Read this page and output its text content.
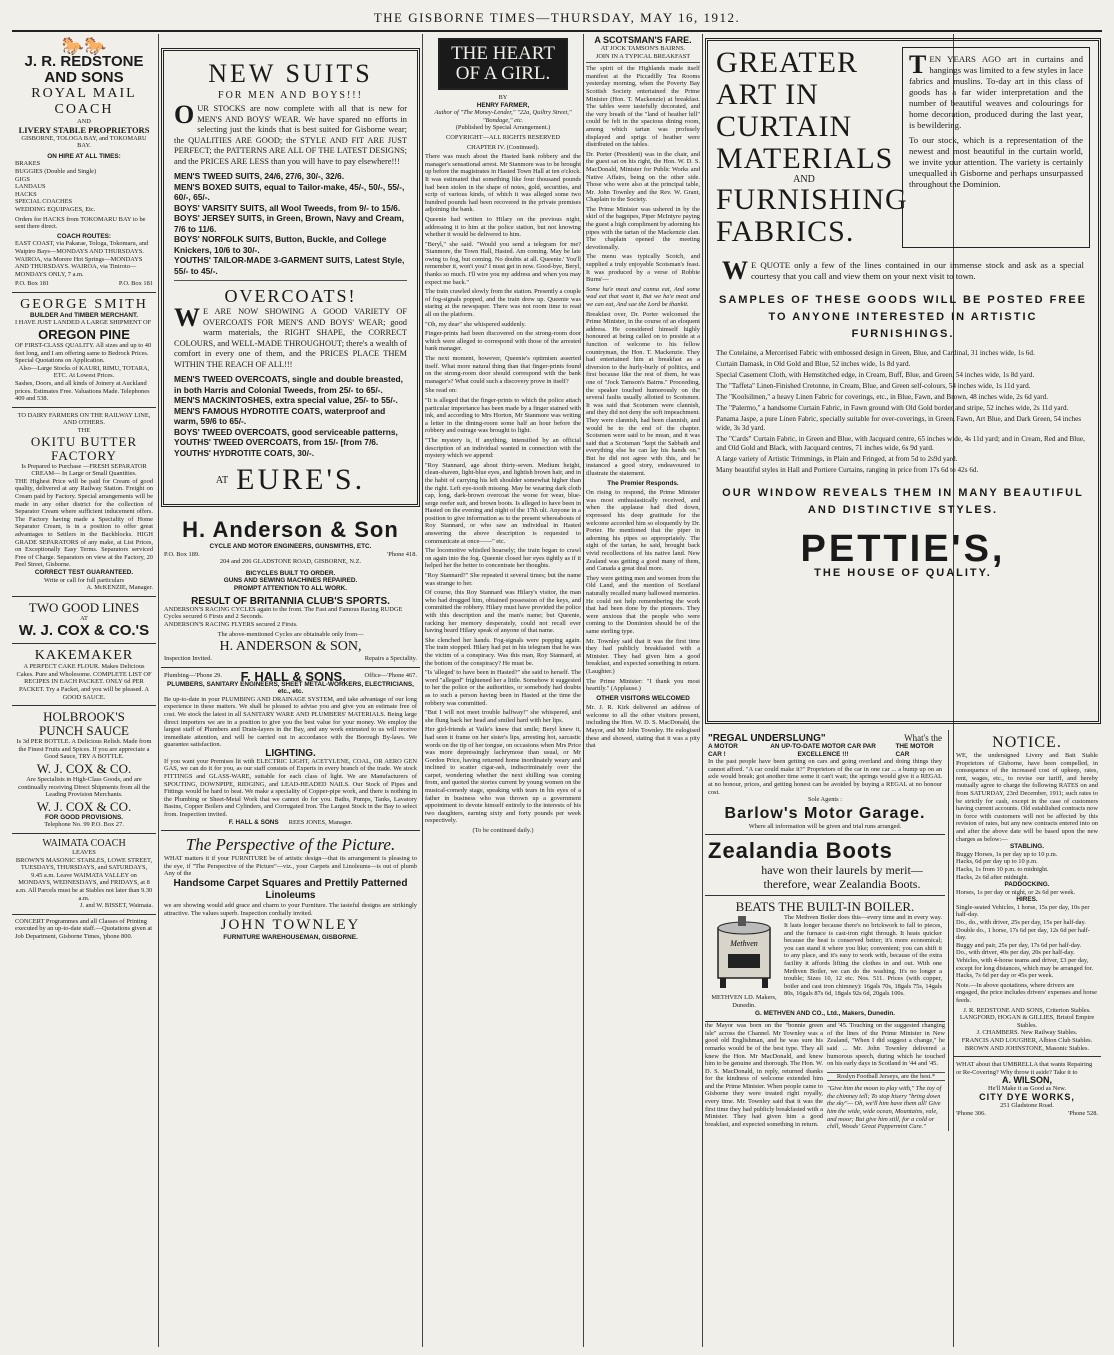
THE GISBORNE TIMES—THURSDAY, MAY 16, 1912.
🐎🐎
J. R. REDSTONE AND SONS
ROYAL MAIL COACH
AND
LIVERY STABLE PROPRIETORS
GISBORNE, TOLOGA BAY, and TOKOMARU BAY.
ON HIRE AT ALL TIMES:
BRAKES
BUGGIES (Double and Single)
GIGS
LANDAUS
HACKS
SPECIAL COACHES
WEDDING EQUIPAGES, Etc.
Orders for HACKS from TOKOMARU BAY to be sent there direct.
COACH ROUTES:
EAST COAST, via Pakarae, Tologa, Tokomaru, and Waipiro Bays—MONDAYS AND THURSDAYS. WAIROA, via Morere Hot Springs—MONDAYS AND THURSDAYS. WAIROA, via Tiniroto—MONDAYS ONLY, 7 a.m.
P.O. Box 181	P.O. Box 181
GEORGE SMITH
BUILDER And TIMBER MERCHANT.
I HAVE JUST LANDED A LARGE SHIPMENT OF
OREGON PINE
OF FIRST-CLASS QUALITY. All sizes and up to 40 feet long, and I am offering same to Bedrock Prices. Special Quotations on Application.
Also—Large Stocks of KAURI, RIMU, TOTARA, ETC. At Lowest Prices.
Sashes, Doors, and all kinds of Joinery at Auckland prices. Estimates Free. Valuations Made. Telephones 409 and 538.
TO DAIRY FARMERS ON THE RAILWAY LINE, AND OTHERS.
THE
OKITU BUTTER FACTORY
Is Prepared to Purchase —FRESH SEPARATOR CREAM— In Large or Small Quantities.
THE Highest Price will be paid for Cream of good quality, delivered at any Railway Station. Freight on Cream paid by Factory. Special arrangements will be made in any other district for the collection of Separator Cream where sufficient inducement offers. The Factory having made a Speciality of Home Separator Cream, is in a position to offer great advantages to Settlers in the Backblocks. HIGH GRADE SEPARATORS of any make, at List Prices, on Exceptionally Easy Terms. Separators serviced Free of Charge. Separators on view at the Factory, 20 Peel Street, Gisborne.
CORRECT TEST GUARANTEED.
Write or call for full particulars
A. McKENZIE, Manager.
TWO GOOD LINES
AT
W. J. COX & CO.'S
KAKEMAKER
A PERFECT CAKE FLOUR. Makes Delicious Cakes. Pure and Wholesome. COMPLETE LIST OF RECIPES IN EACH PACKET. ONLY 6d PER PACKET. Try a Packet, and you will be pleased. A GOOD SAUCE.
HOLBROOK'S
PUNCH SAUCE
Is 3d PER BOTTLE. A Delicious Relish. Made from the Finest Fruits and Spices. If you are appreciate a Good Sauce, TRY A BOTTLE.
W. J. COX & CO.
Are Specialists in High-Class Goods, and are continually receiving Direct Shipments from all the Leading Provision Merchants.
W. J. COX & CO.
FOR GOOD PROVISIONS.
Telephone No. 99 P.O. Box 27.
WAIMATA COACH
LEAVES
BROWN'S MASONIC STABLES, LOWE STREET, TUESDAYS, THURSDAYS, and SATURDAYS, 9.45 a.m. Leave WAIMATA VALLEY on MONDAYS, WEDNESDAYS, and FRIDAYS, at 8 a.m. All Parcels must be at Stables not later than 9.30 a.m.
J. and W. BISSET, Waimata.
CONCERT Programmes and all Classes of Printing executed by an up-to-date staff.—Quotations given at Job Department, Gisborne Times, 'phone 800.
NEW SUITS
FOR MEN AND BOYS!!!
OUR STOCKS are now complete with all that is new for MEN'S AND BOYS' WEAR. We have spared no efforts in selecting just the kinds that is best suited for Gisborne wear; the QUALITIES ARE GOOD; the STYLE AND FIT ARE JUST PERFECT; the PATTERNS ARE ALL OF THE LATEST DESIGNS; and the PRICES ARE LESS than you will have to pay elsewhere!!!
MEN'S TWEED SUITS, 24/6, 27/6, 30/-, 32/6.
MEN'S BOXED SUITS, equal to Tailor-make, 45/-, 50/-, 55/-, 60/-, 65/-.
BOYS' VARSITY SUITS, all Wool Tweeds, from 9/- to 15/6.
BOYS' JERSEY SUITS, in Green, Brown, Navy and Cream, 7/6 to 11/6.
BOYS' NORFOLK SUITS, Button, Buckle, and College Knickers, 10/6 to 30/-.
YOUTHS' TAILOR-MADE 3-GARMENT SUITS, Latest Style, 55/- to 45/-.
OVERCOATS!
WE ARE NOW SHOWING A GOOD VARIETY OF OVERCOATS FOR MEN'S AND BOYS' WEAR; good warm materials, the RIGHT SHAPE, the CORRECT COLOURS, and WELL-MADE THROUGHOUT; there's a wealth of comfort in every one of them, and the PRICES PLACE THEM WITHIN THE REACH OF ALL!!!
MEN'S TWEED OVERCOATS, single and double breasted, in both Harris and Colonial Tweeds, from 25/- to 65/-.
MEN'S MACKINTOSHES, extra special value, 25/- to 55/-.
MEN'S FAMOUS HYDROTITE COATS, waterproof and warm, 59/6 to 65/-.
BOYS' TWEED OVERCOATS, good serviceable patterns,
YOUTHS' TWEED OVERCOATS, from 15/- [from 7/6.
YOUTHS' HYDROTITE COATS, 30/-.
AT EURE'S.
H. Anderson & Son
CYCLE AND MOTOR ENGINEERS, GUNSMITHS, ETC.
P.O. Box 189.	'Phone 418.
204 and 206 GLADSTONE ROAD, GISBORNE, N.Z.
BICYCLES BUILT TO ORDER.
GUNS AND SEWING MACHINES REPAIRED.
PROMPT ATTENTION TO ALL WORK.
RESULT OF BRITANNIA CLUB'S SPORTS.
ANDERSON'S RACING CYCLES again to the front. The Fast and Famous Racing RUDGE Cycles secured 6 Firsts and 2 Seconds.
ANDERSON'S RACING FLYERS secured 2 Firsts.
The above-mentioned Cycles are obtainable only from—
H. ANDERSON & SON,
Inspection Invited.	Repairs a Speciality.
Plumbing—'Phone 29. F. HALL & SONS,	Office—'Phone 467.
PLUMBERS, SANITARY ENGINEERS, SHEET METAL-WORKERS, ELECTRICIANS, etc., etc.
Be up-to-date in your PLUMBING AND DRAINAGE SYSTEM, and take advantage of our long experience in these matters. We shall be pleased to advise you and give you an estimate free of cost. We stock the latest in all SANITARY WARE AND PLUMBERS' MATERIALS. Being large direct importers we are in a position to give you the best value for your money. We employ the largest staff of Plumbers and Drain-layers in the Bay, and any work entrusted to us will receive immediate attention, and will be carried out in accordance with the Borough By-laws. We guarantee satisfaction.
LIGHTING.
If you want your Premises lit with ELECTRIC LIGHT, ACETYLENE, COAL, OR AERO GEN GAS, we can do it for you, as our staff consists of Experts in every branch of the trade. We stock FITTINGS and GLASS-WARE, suitable for each class of light. We are Manufacturers of SPOUTING, DOWNPIPE, RIDGING, and LEAD-HEADED NAILS. Our Stock of Pipes and Fittings would be hard to beat. We make a speciality of Copper-pipe work, and there is nothing in the Plumbing or Sheet-Metal Work that we cannot do for you. Baths, Pumps, Tanks, Lavatory Basins, Copper Boilers and Cylinders, and Corrugated Iron. The Largest Stock in the Bay to select from. Inspection invited.
F. HALL & SONS REES JONES, Manager.
The Perspective of the Picture.
WHAT matters it if your FURNITURE be of artistic design—that its arrangement is pleasing to the eye, if "The Perspective of the Picture"—viz., your Carpets and Linoleums—is out of plumb Any of the
Handsome Carpet Squares and Prettily Patterned Linoleums
we are showing would add grace and charm to your Furniture. The tasteful designs are strikingly attractive. The values superb. Inspection cordially invited.
JOHN TOWNLEY
FURNITURE WAREHOUSEMAN, GISBORNE.
THE HEART OF A GIRL.
BY
HENRY FARMER,
Author of "The Money-Lender," "22a, Quiltry Street," "Bondage," etc.
(Published by Special Arrangement.)
COPYRIGHT—ALL RIGHTS RESERVED
CHAPTER IV. (Continued).

There was much about the Hasted bank robbery and the manager's sensational arrest. Mr Stanmore was to be brought up before the magistrates in Hasted Town Hall at ten o'clock. It was estimated that something like four thousand pounds had been stolen in the shape of notes, gold, securities, and scrip of various kinds, of which it was alleged some two hundred pounds had been recovered in the private premises adjoining the bank.

Queenie had written to Hilary on the previous night, addressing it to him at the police station, but not knowing whether it would be delivered to him.

"Beryl," she said. "Would you send a telegram for me? 'Stanmore, the Town Hall, Hasted. Am coming. May be late owing to fog, but coming. No doubts at all. Queenie.' You'll remember it, won't you? I must get in now. Good-bye, Beryl, thanks so much. I'll wire you my address and when you may expect me back."

The train crawled slowly from the station. Presently a couple of fog-signals popped, and the train drew up. Queenie was staring at the newspaper. There was not room time to read all on the platform.

"Oh, my dear" she whispered suddenly.

Finger-prints had been discovered on the strong-room door which were alleged to correspond with those of the arrested bank manager.

The next moment, however, Queenie's optimism asserted itself. What more natural thing than that finger-prints found on the strong-room door should correspond with the bank manager's? What could such a discovery prove in itself?

She read on:

"It is alleged that the finger-prints to which the police attach particular importance has been made by a finger stained with ink, and according to Mrs Horton, Mr Stanmore was writing a letter in the dining-room some half an hour before the robbery and outrage was brought to light.

"The mystery is, if anything, intensified by an official description of an individual wanted in connection with the mystery which we append:

"Roy Stannard, age about thirty-seven. Medium height, clean-shaven, light-blue eyes, and lightish brown hair, and in the habit of carrying his left shoulder somewhat higher than the right. Left eye-tooth missing. May be wearing dark cloth cap, long, dark-brown overcoat the worse for wear, blue-serge reefer suit, and brown boots. Is alleged to have been in Hasted on the evening and night of the 17th ult. Anyone in a position to give information as to the present whereabouts of Roy Stannard, or who saw an individual in Hasted answering the above description is requested to communicate at once——" etc.

The locomotive whistled hoarsely; the train began to crawl on again into the fog. Queenie closed her eyes tightly as if it helped her the better to concentrate her thoughts.

"Roy Stannard?" She repeated it several times; but the name was strange to her.

Of course, this Roy Stannard was Hilary's visitor, the man who had drugged him, obtained possession of the keys, and committed the robbery. Hilary must have provided the police with this description and the man's name; but Queenie, racking her memory desperately, could not recall ever having heard Hilary speak of anyone of that name.

She clenched her hands. Fog-signals were popping again. The train stopped. Hilary had put in his telegram that he was the victim of a conspiracy. Was this man, Roy Stannard, at the bottom of the conspiracy? He must be.

"Is 'alleged' to have been in Hasted?" she said to herself. The word "alleged" frightened her a little. Somehow it suggested to her the police or the authorities, or somebody had doubts as to such a person having been in Hasted at the time the robbery was committed.

"But I will not meet trouble halfway!" she whispered, and she flung back her head and smiled hard with her lips.

Her girl-friends at Vaile's knew that smile; Beryl knew it, had seen it frame on her sister's lips, arresting hot, sarcastic words on the tip of her tongue, on occasions when Mrs Price was more depressingly lachrymose than usual, or Mr Gordon Price, having returned home inordinately weary and inclined to scatter cigar-ash, indiscriminately over the carpet, wondering whether the next shilling was coming from, and quoted the stories current by young women on the musical-comedy stage, speaking with tears in his eyes of a father in business who was thrown up a government appointment to devote himself entirely to the interests of his two daughters, earning sixty and forty pounds per week respectively.

(To be continued daily.)

A SCOTSMAN'S FARE.
AT JOCK TAMSON'S BAIRNS.
JOIN IN A TYPICAL BREAKFAST

The spirit of the Highlands made itself manifest at the Piccadilly Tea Rooms yesterday morning, when the Poverty Bay Scottish Society entertained the Prime Minister (Hon. T. Mackenzie) at breakfast. The tables were tastefully decorated, and the very breath of the "land of heather hill" could be felt in the spacious dining room, among which tartan was profusely displayed and sprigs of heather were distributed on the tables.

Dr. Porter (President) was in the chair, and the guest sat on his right, the Hon. W. D. S. MacDonald, Minister for Public Works and Native Affairs, being on the other side. Those who were also at the principal table, Mr. John Townley and the Rev. W. Grant, Chaplain to the Society.

The Prime Minister was ushered in by the skirl of the bagpipes, Piper McIntyre paying the guest a high compliment by adorning his pipes with the tartan of the Mackenzie clan. The chaplain opened the meeting devotionally.

The menu was typically Scotch, and supplied a truly enjoyable Scotsman's feast. It was produced by a verse of Robbie Burns'—

Some ha'e meat and canna eat, And some wad eat that want it, But we ha'e meat and we can eat, And sae the Lord be thankit.

Breakfast over, Dr. Porter welcomed the Prime Minister, in the course of an eloquent address. He considered himself highly honoured at being called on to preside at a function of welcome to his fellow countryman, the Hon. T. Mackenzie. They had entertained him at breakfast as a diversion to the hurly-burly of politics, and first because like the rest of them, he was one of "Jock Tamson's Bairns." Proceeding, the speaker touched humorously on the several faults usually allotted to Scotsmen. It was said that Scotsmen were clannish, and they did not deny the soft impeachment. They were clannish, had been clannish, and would be to the end of the chapter. Scotsmen were said to be mean, and it was said that a Scotsman "kept the Sabbath and everything else he can lay his hands on." But he did not agree with this, and he instanced a good story, endeavoured to illustrate the statement.

The Premier Responds.

On rising to respond, the Prime Minister was most enthusiastically received, and when the applause had died down, expressed his deep gratitude for the welcome accorded him so eloquently by Dr. Porter. He mentioned that the piper in adorning his pipes so appropriately. The sight of the tartan, he said, brought back vivid recollections of his native land. New Zealand was getting a good many of them, and Canada a great deal more.

They were getting men and women from the Old Land, and the mention of Scotland naturally recalled many hallowed memories. He could not help remembering the work that had been done by the pioneers. They were anxious that the people who were coming to the Dominion should be of the same sterling type.

Mr. Townley said that it was the first time they had publicly breakfasted with a Minister. They had given him a good breakfast, and expected something in return. (Laughter.)

The Prime Minister: "I thank you most heartily." (Applause.)

OTHER VISITORS WELCOMED

Mr. J. R. Kirk delivered an address of welcome to all the other visitors present, including the Hon. W. D. S. MacDonald, the Mayor, and Mr John Townley. He eulogised these and showed, stating that it was a pity that

GREATER ART IN CURTAIN MATERIALS
AND
FURNISHING FABRICS.

TEN YEARS AGO art in curtains and hangings was limited to a few styles in lace fabrics and muslins. To-day art in this class of goods has a far wider interpretation and the number of beautiful weaves and colourings for home decoration, produced during the last year, is bewildering.

To our stock, which is a representation of the newest and most beautiful in the curtain world, we invite your attention. The variety is certainly unequalled in Gisborne and perhaps unsurpassed throughout the Dominion.

WE QUOTE only a few of the lines contained in our immense stock and ask as a special courtesy that you call and view them on your next visit to town.
SAMPLES OF THESE GOODS WILL BE POSTED FREE TO ANYONE INTERESTED IN ARTISTIC FURNISHINGS.

The Cotelaine, a Mercerised Fabric with embossed design in Green, Blue, and Cardinal, 31 inches wide, 1s 6d.

Curtain Damask, in Old Gold and Blue, 52 inches wide, 1s 8d yard.

Special Casement Cloth, with Hemstitched edge, in Cream, Buff, Blue, and Green, 54 inches wide, 1s 8d yard.

The "Taffeta" Linen-Finished Cretonne, in Cream, Blue, and Green self-colours, 54 inches wide, 1s 11d yard.

The "Koolsilmen," a heavy Linen Fabric for coverings, etc., in Blue, Fawn, and Brown, 48 inches wide, 2s 6d yard.

The "Palermo," a handsome Curtain Fabric, in Fawn ground with Old Gold border and stripe, 52 inches wide, 2s 11d yard.

Panama Jaspe, a pure Linen Fabric, specially suitable for over-coverings, in Green, Fawn, Art Blue, and Dark Green, 54 inches wide, 3s 3d yard.

The "Cards" Curtain Fabric, in Green and Blue, with Jacquard centre, 65 inches wide, 4s 11d yard; and in Cream, Red and Blue, and Old Gold and Black, with Jacquard centres, 71 inches wide, 6s 9d yard.

A large variety of Artistic Trimmings, in Plain and Fringed, at from 5d to 2s9d yard.

Many beautiful styles in Hall and Portiere Curtains, ranging in price from 17s 6d to 42s 6d.

OUR WINDOW REVEALS THEM IN MANY BEAUTIFUL AND DISTINCTIVE STYLES.
PETTIE'S,
THE HOUSE OF QUALITY.
"REGAL UNDERSLUNG"	What's the
A MOTOR CAR !
AN UP-TO-DATE MOTOR CAR PAR EXCELLENCE !!!
THE MOTOR CAR
In the past people have been getting on cars and going overland and doing things they cannot afford. "A car could make it?" Proprietors of the car in one car ... a bump up on an axle would break; got another time some it can't wait; the springs would give it a REGAL at no honour, prices, and getting honest can be avoided by buying a REGAL at no honour cost.
Sole Agents :
Barlow's Motor Garage.
Where all information will be given and trial runs arranged.
Zealandia Boots
have won their laurels by merit—therefore, wear Zealandia Boots.
BEATS THE BUILT-IN BOILER.
Methven
METHVEN LD. Makers, Dunedin.
The Methven Boiler does this—every time and in every way. It lasts longer because there's no brickwork to fall to pieces, and the furnace is cast-iron right through. It heats quicker because the heat is conserved better; it's more economical; you can stand it where you like; convenient; you can shift it to any place, and it's easy to work with, because of the extra facility it affords lifting the clothes in and out. With one Methven Boiler, we can do the washing. It's no longer a trouble; Sizes 10, 12 etc. Nos. 511. Prices (with copper, boiler and cast iron chimney): 16gals 70s, 18gals 75s, 14gals 80s, 16gals 87s 6d, 18gals 92s 6d, 20gals 100s.
G. METHVEN AND CO., Ltd., Makers, Dunedin.
the Mayor was born on the "bonnie green isle" across the Channel. Mr Townley was a good old Englishman, and he was sure his remarks would be of the best type. They all knew the Hon. Mr MacDonald, and knew him to be genuine and thorough. The Hon. W. D. S. MacDonald, in reply, returned thanks for the kindness of welcome extended him and the Prime Minister. When people came to Gisborne they were treated right royally, every time. Mr. Townley said that it was the first time they had publicly breakfasted with a Minister. They had given him a good breakfast, and expected something in return.
and '45. Touching on the suggested changing of the lines of the Prime Minister in New Zealand, "When I did suggest a change," he said ... Mr. John Townley delivered a humorous speech, during which he touched on his early days in Scotland in '44 and '45.
Roslyn Football Jerseys, are the best.*
"Give him the moon to play with," The toy of the chimney tell; To stop hisery "bring down the sky"— Oh, we'll him have them all! Give him the wide, wide ocean, Mountains, vale, and moor; But give him still, for a cold or chill, Woods' Great Peppermint Cure."
NOTICE.
WE, the undersigned Livery and Bait Stable Proprietors of Gisborne, have been compelled, in consequence of the increased cost of upkeep, rates, rent, wages, etc., to revise our tariff, and hereby mutually agree to charge the following RATES on and from SATURDAY, 23rd December, 1911; such rates to be strictly for cash, except in the case of customers having current accounts. Old established contracts now in force with customers will not be affected by this revision of rates, but any new contracts entered into on and after the above date will be based upon the new charges as below:—
STABLING.
Buggy Horses, 1s per day up to 10 p.m.
Hacks, 6d per day up to 10 p.m.
Hacks, 1s from 10 p.m. to midnight.
Hacks, 2s 6d after midnight.
PADDOCKING.
Horses, 1s per day or night, or 2s 6d per week.
HIRES.
Single-seated Vehicles, 1 horse, 15s per day, 10s per half-day.
Do., do., with driver, 25s per day, 15s per half-day.
Double do., 1 horse, 17s 6d per day, 12s 6d per half-day.
Buggy and pair, 25s per day, 17s 6d per half-day.
Do., with driver, 40s per day, 20s per half-day.
Vehicles, with 4-horse teams and driver, £3 per day, except for long distances, which may be arranged for.
Hacks, 7s 6d per day or 45s per week.
Note.—In above quotations, where drivers are engaged, the price includes drivers' expenses and horse feeds.
J. R. REDSTONE AND SONS, Criterion Stables.
LANGFORD, HOGAN & GILLIES, Bristol Empire Stables.
J. CHAMBERS. New Railway Stables.
FRANCIS AND LOUGHER, Albion Club Stables.
BROWN AND JOHNSTONE, Masonic Stables.
WHAT about that UMBRELLA that wants Repairing or Re-Covering? Why throw it aside? Take it to
A. WILSON,
He'll Make it as Good as New.
CITY DYE WORKS,
251 Gladstone Road.
'Phone 306.	'Phone 528.
